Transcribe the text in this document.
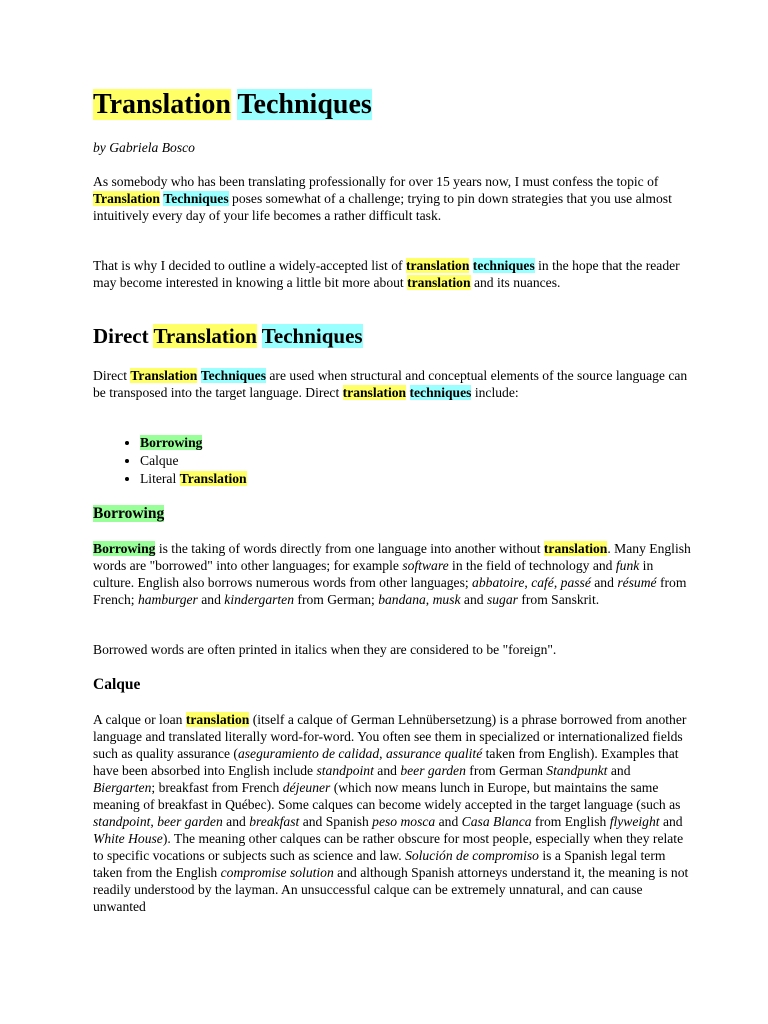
Translation Techniques

by Gabriela Bosco

As somebody who has been translating professionally for over 15 years now, I must confess the topic of Translation Techniques poses somewhat of a challenge; trying to pin down strategies that you use almost intuitively every day of your life becomes a rather difficult task.

That is why I decided to outline a widely-accepted list of translation techniques in the hope that the reader may become interested in knowing a little bit more about translation and its nuances.

Direct Translation Techniques

Direct Translation Techniques are used when structural and conceptual elements of the source language can be transposed into the target language. Direct translation techniques include:

• Borrowing
• Calque
• Literal Translation
Borrowing

Borrowing is the taking of words directly from one language into another without translation. Many English words are "borrowed" into other languages; for example software in the field of technology and funk in culture. English also borrows numerous words from other languages; abbatoire, café, passé and résumé from French; hamburger and kindergarten from German; bandana, musk and sugar from Sanskrit.

Borrowed words are often printed in italics when they are considered to be "foreign".

Calque

A calque or loan translation (itself a calque of German Lehnübersetzung) is a phrase borrowed from another language and translated literally word-for-word. You often see them in specialized or internationalized fields such as quality assurance (aseguramiento de calidad, assurance qualité taken from English). Examples that have been absorbed into English include standpoint and beer garden from German Standpunkt and Biergarten; breakfast from French déjeuner (which now means lunch in Europe, but maintains the same meaning of breakfast in Québec). Some calques can become widely accepted in the target language (such as standpoint, beer garden and breakfast and Spanish peso mosca and Casa Blanca from English flyweight and White House). The meaning other calques can be rather obscure for most people, especially when they relate to specific vocations or subjects such as science and law. Solución de compromiso is a Spanish legal term taken from the English compromise solution and although Spanish attorneys understand it, the meaning is not readily understood by the layman. An unsuccessful calque can be extremely unnatural, and can cause unwanted
